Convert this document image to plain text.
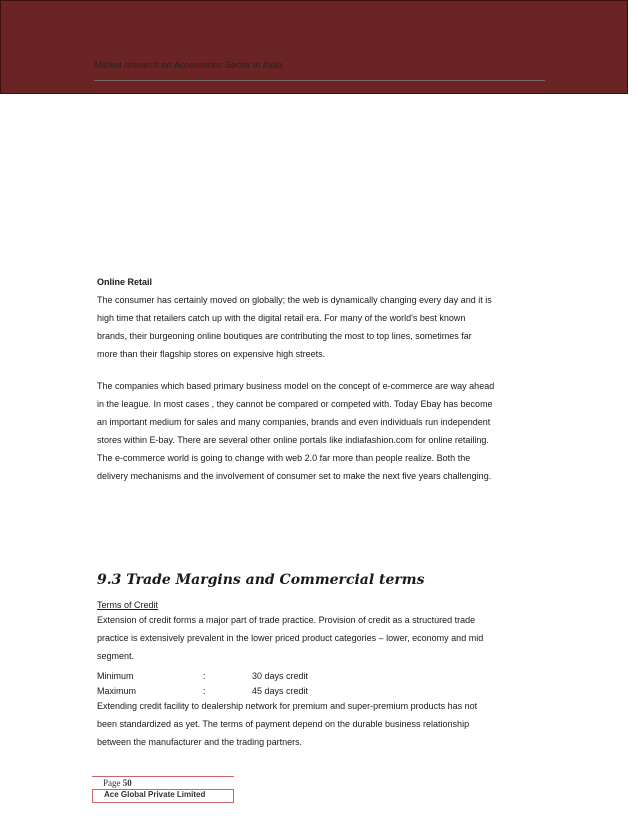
Market research on Accessories Sector in India
Online Retail

The consumer has certainly moved on globally; the web is dynamically changing every day and it is

high time that retailers catch up with the digital retail era. For many of the world's best known

brands, their burgeoning online boutiques are contributing the most to top lines, sometimes far

more than their flagship stores on expensive high streets.

The companies which based primary business model on the concept of e-commerce are way ahead

in the league. In most cases , they cannot be compared or competed with. Today Ebay has become

an important medium for sales and many companies, brands and even individuals run independent

stores within E-bay. There are several other online portals like indiafashion.com for online retailing.

The e-commerce world is going to change with web 2.0 far more than people realize. Both the

delivery mechanisms and the involvement of consumer set to make the next five years challenging.

9.3 Trade Margins and Commercial terms
Terms of Credit

Extension of credit forms a major part of trade practice. Provision of credit as a structured trade

practice is extensively prevalent in the lower priced product categories – lower, economy and mid

segment.

Minimum	:	30 days credit
Maximum	:	45 days credit

Extending credit facility to dealership network for premium and super-premium products has not

been standardized as yet. The terms of payment depend on the durable business relationship

between the manufacturer and the trading partners.

Page 50
Ace Global Private Limited
